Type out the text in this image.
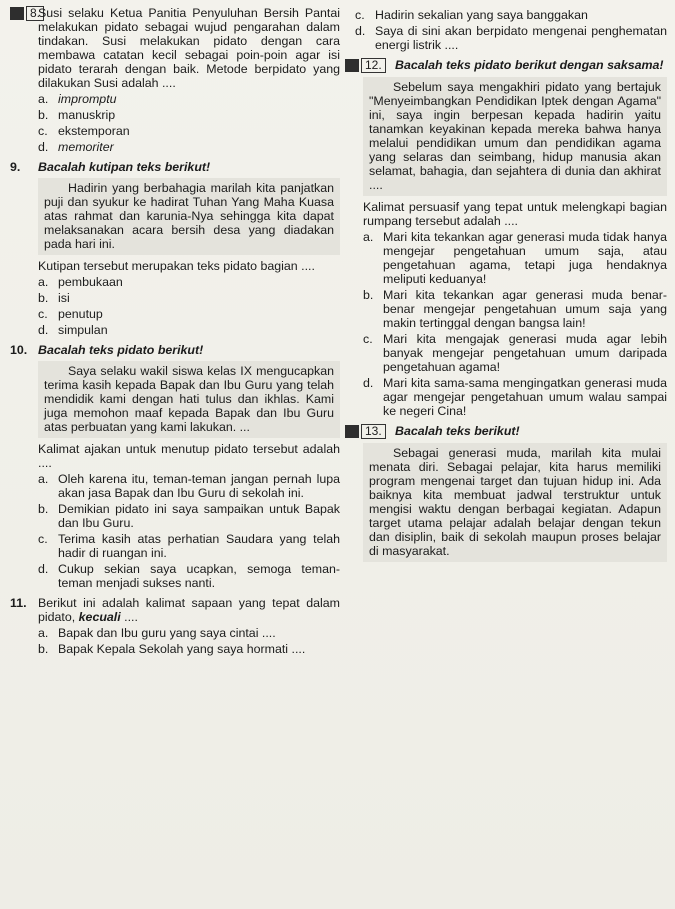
8.
Susi selaku Ketua Panitia Penyuluhan Bersih Pantai melakukan pidato sebagai wujud pengarahan dalam tindakan. Susi melakukan pidato dengan cara membawa catatan kecil sebagai poin-poin agar isi pidato terarah dengan baik. Metode berpidato yang dilakukan Susi adalah ....
a. impromptu
b. manuskrip
c. ekstemporan
d. memoriter
9.	Bacalah kutipan teks berikut!
Hadirin yang berbahagia marilah kita panjatkan puji dan syukur ke hadirat Tuhan Yang Maha Kuasa atas rahmat dan karunia-Nya sehingga kita dapat melaksanakan acara bersih desa yang diadakan pada hari ini.
Kutipan tersebut merupakan teks pidato bagian ....
a. pembukaan
b. isi
c. penutup
d. simpulan
10. Bacalah teks pidato berikut!
Saya selaku wakil siswa kelas IX mengucapkan terima kasih kepada Bapak dan Ibu Guru yang telah mendidik kami dengan hati tulus dan ikhlas. Kami juga memohon maaf kepada Bapak dan Ibu Guru atas perbuatan yang kami lakukan. ...
Kalimat ajakan untuk menutup pidato tersebut adalah ....
a. Oleh karena itu, teman-teman jangan pernah lupa akan jasa Bapak dan Ibu Guru di sekolah ini.
b. Demikian pidato ini saya sampaikan untuk Bapak dan Ibu Guru.
c. Terima kasih atas perhatian Saudara yang telah hadir di ruangan ini.
d. Cukup sekian saya ucapkan, semoga teman-teman menjadi sukses nanti.
11. Berikut ini adalah kalimat sapaan yang tepat dalam pidato, kecuali ....
a. Bapak dan Ibu guru yang saya cintai ....
b. Bapak Kepala Sekolah yang saya hormati ....
c. Hadirin sekalian yang saya banggakan
d. Saya di sini akan berpidato mengenai penghematan energi listrik ....
12.	Bacalah teks pidato berikut dengan saksama!
Sebelum saya mengakhiri pidato yang bertajuk "Menyeimbangkan Pendidikan Iptek dengan Agama" ini, saya ingin berpesan kepada hadirin yaitu tanamkan keyakinan kepada mereka bahwa hanya melalui pendidikan umum dan pendidikan agama yang selaras dan seimbang, hidup manusia akan selamat, bahagia, dan sejahtera di dunia dan akhirat ....
Kalimat persuasif yang tepat untuk melengkapi bagian rumpang tersebut adalah ....
a. Mari kita tekankan agar generasi muda tidak hanya mengejar pengetahuan umum saja, atau pengetahuan agama, tetapi juga hendaknya meliputi keduanya!
b. Mari kita tekankan agar generasi muda benar-benar mengejar pengetahuan umum saja yang makin tertinggal dengan bangsa lain!
c. Mari kita mengajak generasi muda agar lebih banyak mengejar pengetahuan umum daripada pengetahuan agama!
d. Mari kita sama-sama mengingatkan generasi muda agar mengejar pengetahuan umum walau sampai ke negeri Cina!
13.	Bacalah teks berikut!
Sebagai generasi muda, marilah kita mulai menata diri. Sebagai pelajar, kita harus memiliki program mengenai target dan tujuan hidup ini. Ada baiknya kita membuat jadwal terstruktur untuk mengisi waktu dengan berbagai kegiatan. Adapun target utama pelajar adalah belajar dengan tekun dan disiplin, baik di sekolah maupun proses belajar di masyarakat.
